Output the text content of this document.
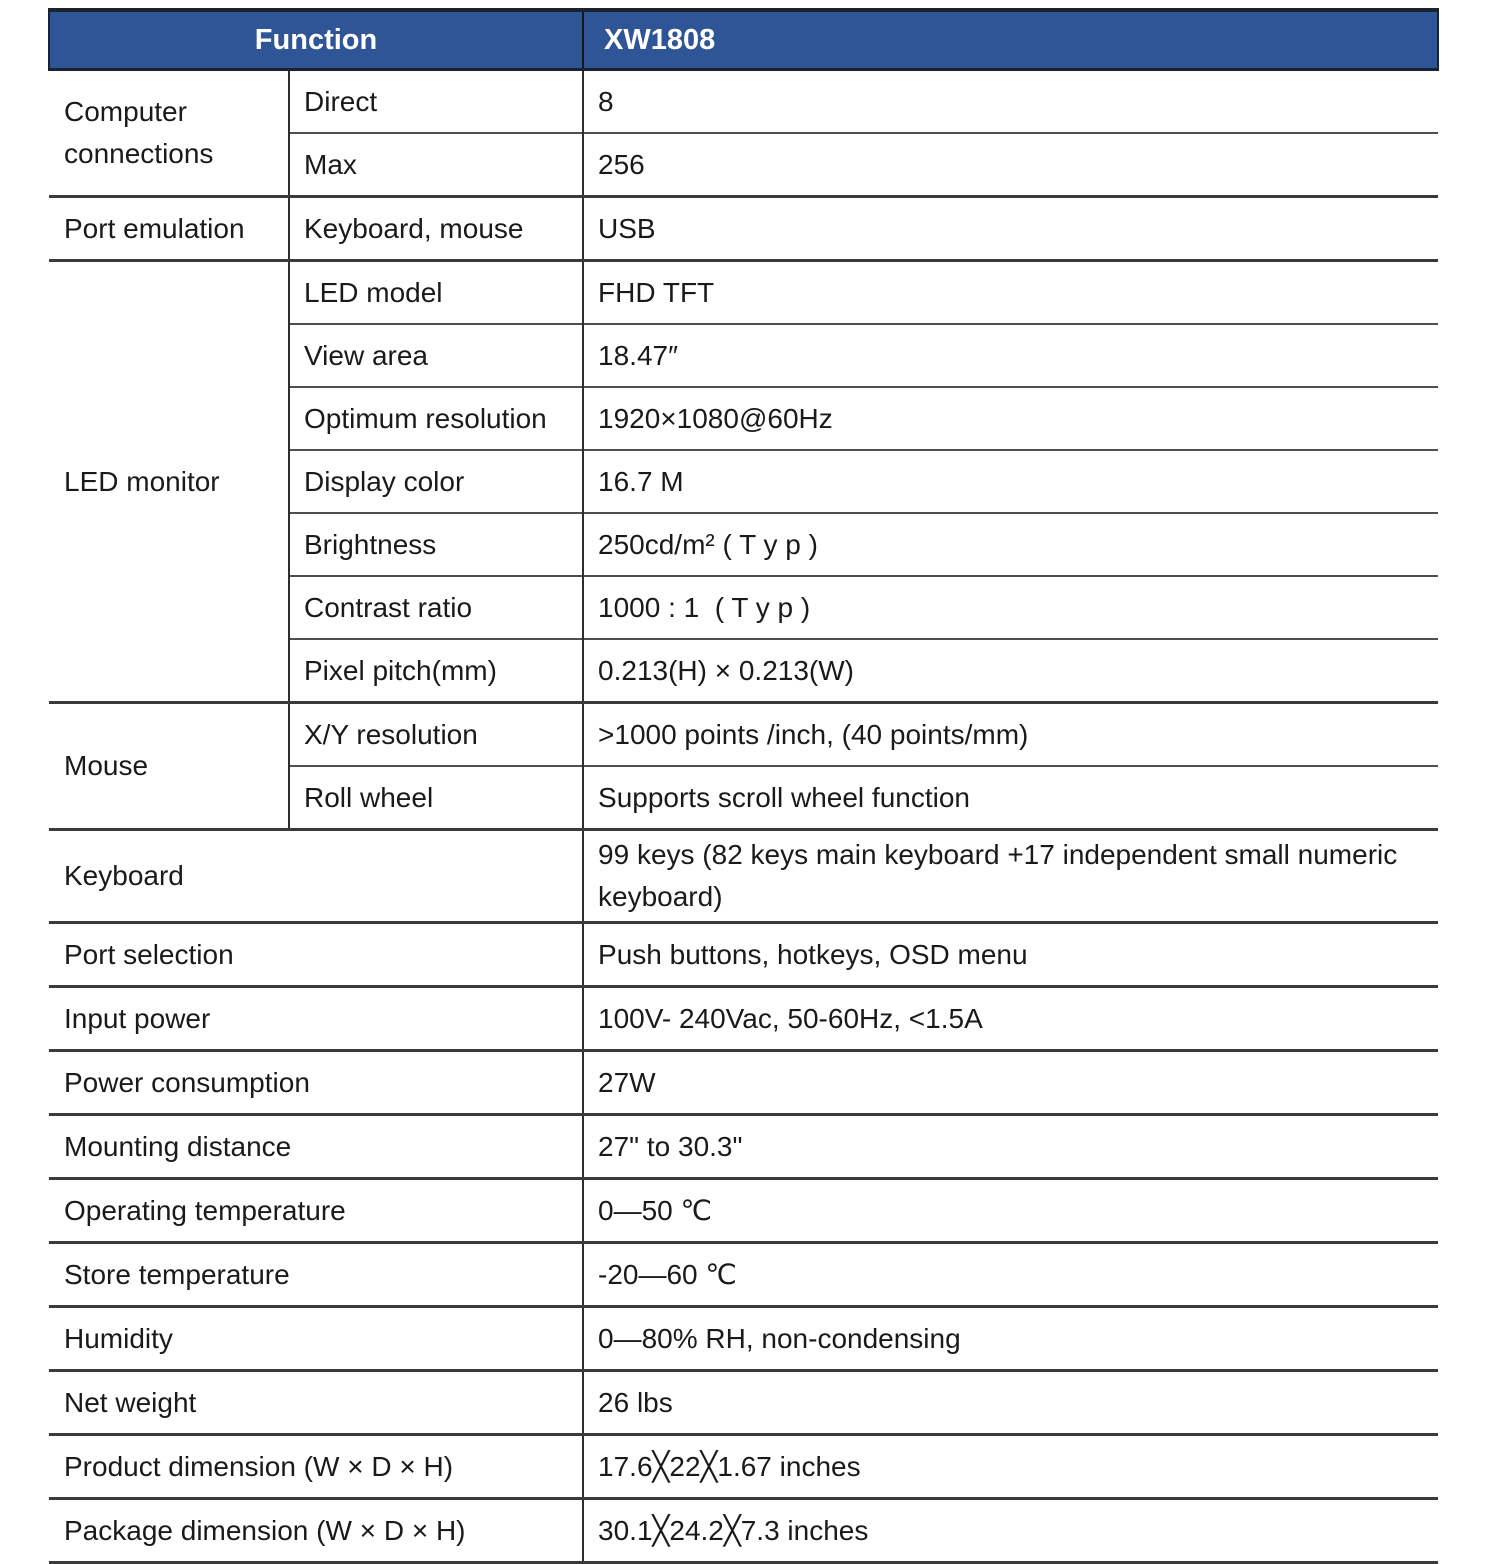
Function		XW1808
Computer connections	Direct	8
	Max	256
Port emulation	Keyboard, mouse	USB
LED monitor	LED model	FHD TFT
	View area	18.47″
	Optimum resolution	1920×1080@60Hz
	Display color	16.7 M
	Brightness	250cd/m² ( T y p )
	Contrast ratio	1000 : 1  ( T y p )
	Pixel pitch(mm)	0.213(H) × 0.213(W)
Mouse	X/Y resolution	>1000 points /inch, (40 points/mm)
	Roll wheel	Supports scroll wheel function
Keyboard		99 keys (82 keys main keyboard +17 independent small numeric keyboard)
Port selection		Push buttons, hotkeys, OSD menu
Input power		100V- 240Vac, 50-60Hz, <1.5A
Power consumption		27W
Mounting distance		27" to 30.3"
Operating temperature		0—50 ℃
Store temperature		-20—60 ℃
Humidity		0—80% RH, non-condensing
Net weight		26 lbs
Product dimension (W × D × H)		17.6╳22╳1.67 inches
Package dimension (W × D × H)		30.1╳24.2╳7.3 inches
